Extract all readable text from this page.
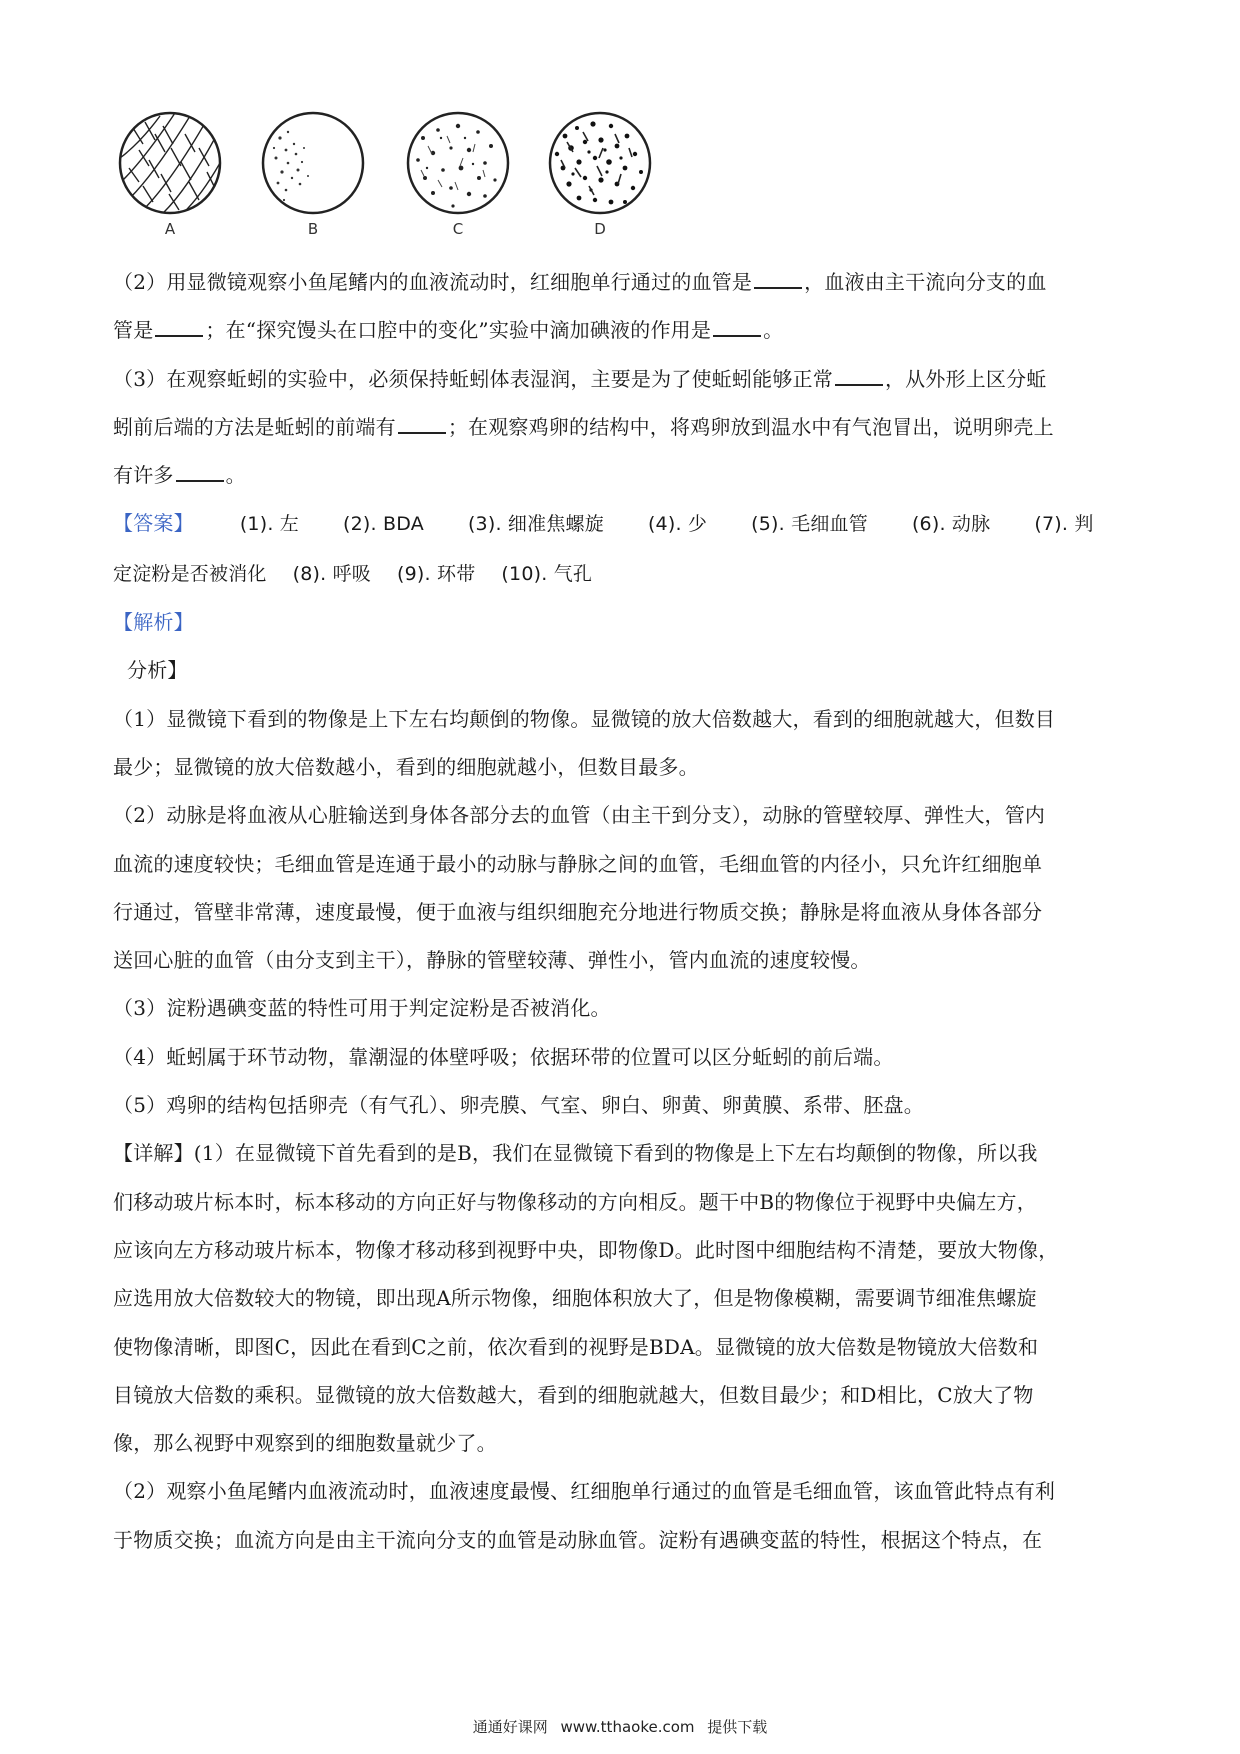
A	B	C	D

（2）用显微镜观察小鱼尾鳍内的血液流动时，红细胞单行通过的血管是	，血液由主干流向分支的血

管是	；在“探究馒头在口腔中的变化”实验中滴加碘液的作用是	。

（3）在观察蚯蚓的实验中，必须保持蚯蚓体表湿润，主要是为了使蚯蚓能够正常	，从外形上区分蚯

蚓前后端的方法是蚯蚓的前端有	；在观察鸡卵的结构中，将鸡卵放到温水中有气泡冒出，说明卵壳上

有许多	。

【答案】 (1). 左 (2). BDA (3). 细准焦螺旋 (4). 少 (5). 毛细血管 (6). 动脉 (7). 判

定淀粉是否被消化 (8). 呼吸 (9). 环带 (10). 气孔

【解析】

分析】

（1）显微镜下看到的物像是上下左右均颠倒的物像。显微镜的放大倍数越大，看到的细胞就越大，但数目

最少；显微镜的放大倍数越小，看到的细胞就越小，但数目最多。

（2）动脉是将血液从心脏输送到身体各部分去的血管（由主干到分支），动脉的管壁较厚、弹性大，管内

血流的速度较快；毛细血管是连通于最小的动脉与静脉之间的血管，毛细血管的内径小，只允许红细胞单

行通过，管壁非常薄，速度最慢，便于血液与组织细胞充分地进行物质交换；静脉是将血液从身体各部分

送回心脏的血管（由分支到主干），静脉的管壁较薄、弹性小，管内血流的速度较慢。

（3）淀粉遇碘变蓝的特性可用于判定淀粉是否被消化。

（4）蚯蚓属于环节动物，靠潮湿的体壁呼吸；依据环带的位置可以区分蚯蚓的前后端。

（5）鸡卵的结构包括卵壳（有气孔）、卵壳膜、气室、卵白、卵黄、卵黄膜、系带、胚盘。

【详解】(1）在显微镜下首先看到的是B，我们在显微镜下看到的物像是上下左右均颠倒的物像，所以我

们移动玻片标本时，标本移动的方向正好与物像移动的方向相反。题干中B的物像位于视野中央偏左方，

应该向左方移动玻片标本，物像才移动移到视野中央，即物像D。此时图中细胞结构不清楚，要放大物像，

应选用放大倍数较大的物镜，即出现A所示物像，细胞体积放大了，但是物像模糊，需要调节细准焦螺旋

使物像清晰，即图C，因此在看到C之前，依次看到的视野是BDA。显微镜的放大倍数是物镜放大倍数和

目镜放大倍数的乘积。显微镜的放大倍数越大，看到的细胞就越大，但数目最少；和D相比，C放大了物

像，那么视野中观察到的细胞数量就少了。

（2）观察小鱼尾鳍内血液流动时，血液速度最慢、红细胞单行通过的血管是毛细血管，该血管此特点有利

于物质交换；血流方向是由主干流向分支的血管是动脉血管。淀粉有遇碘变蓝的特性，根据这个特点，在

通通好课网 www.tthaoke.com 提供下载
